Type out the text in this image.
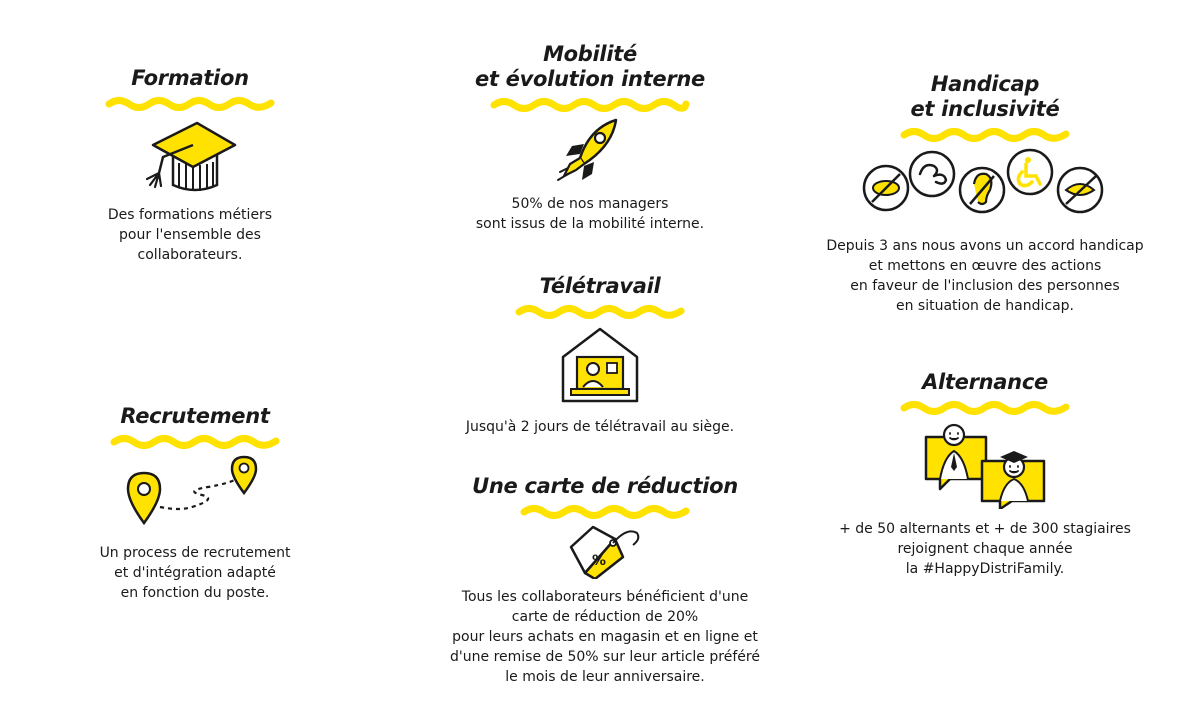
Formation

Des formations métiers
pour l'ensemble des
collaborateurs.

Mobilité
et évolution interne

50% de nos managers
sont issus de la mobilité interne.

Handicap
et inclusivité

Depuis 3 ans nous avons un accord handicap
et mettons en œuvre des actions
en faveur de l'inclusion des personnes
en situation de handicap.

Télétravail

Jusqu'à 2 jours de télétravail au siège.

Recrutement

Un process de recrutement
et d'intégration adapté
en fonction du poste.

Une carte de réduction
%

Tous les collaborateurs bénéficient d'une
carte de réduction de 20%
pour leurs achats en magasin et en ligne et
d'une remise de 50% sur leur article préféré
le mois de leur anniversaire.

Alternance

+ de 50 alternants et + de 300 stagiaires
rejoignent chaque année
la #HappyDistriFamily.
